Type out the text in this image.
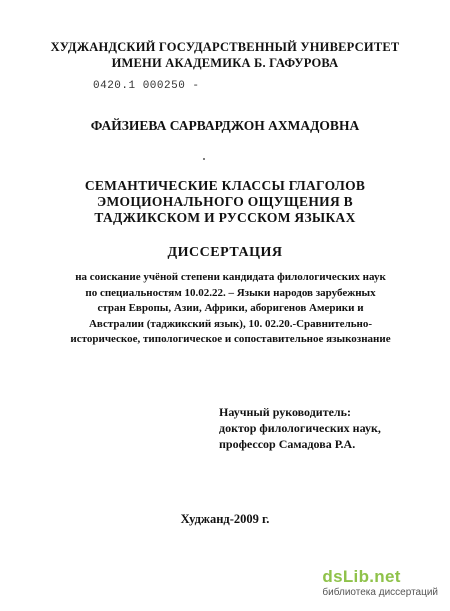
ХУДЖАНДСКИЙ ГОСУДАРСТВЕННЫЙ УНИВЕРСИТЕТ
ИМЕНИ АКАДЕМИКА Б. ГАФУРОВА
0420.1 000250 -
ФАЙЗИЕВА САРВАРДЖОН АХМАДОВНА
СЕМАНТИЧЕСКИЕ КЛАССЫ ГЛАГОЛОВ
ЭМОЦИОНАЛЬНОГО ОЩУЩЕНИЯ В
ТАДЖИКСКОМ И РУССКОМ ЯЗЫКАХ
ДИССЕРТАЦИЯ
на соискание учёной степени кандидата филологических наук
по специальностям 10.02.22. – Языки народов зарубежных
стран Европы, Азии, Африки, аборигенов Америки и
Австралии (таджикский язык), 10. 02.20.-Сравнительно-
историческое, типологическое и сопоставительное языкознание
Научный руководитель:
доктор филологических наук,
профессор Самадова Р.А.
Худжанд-2009 г.
dsLib.net
библиотека диссертаций
